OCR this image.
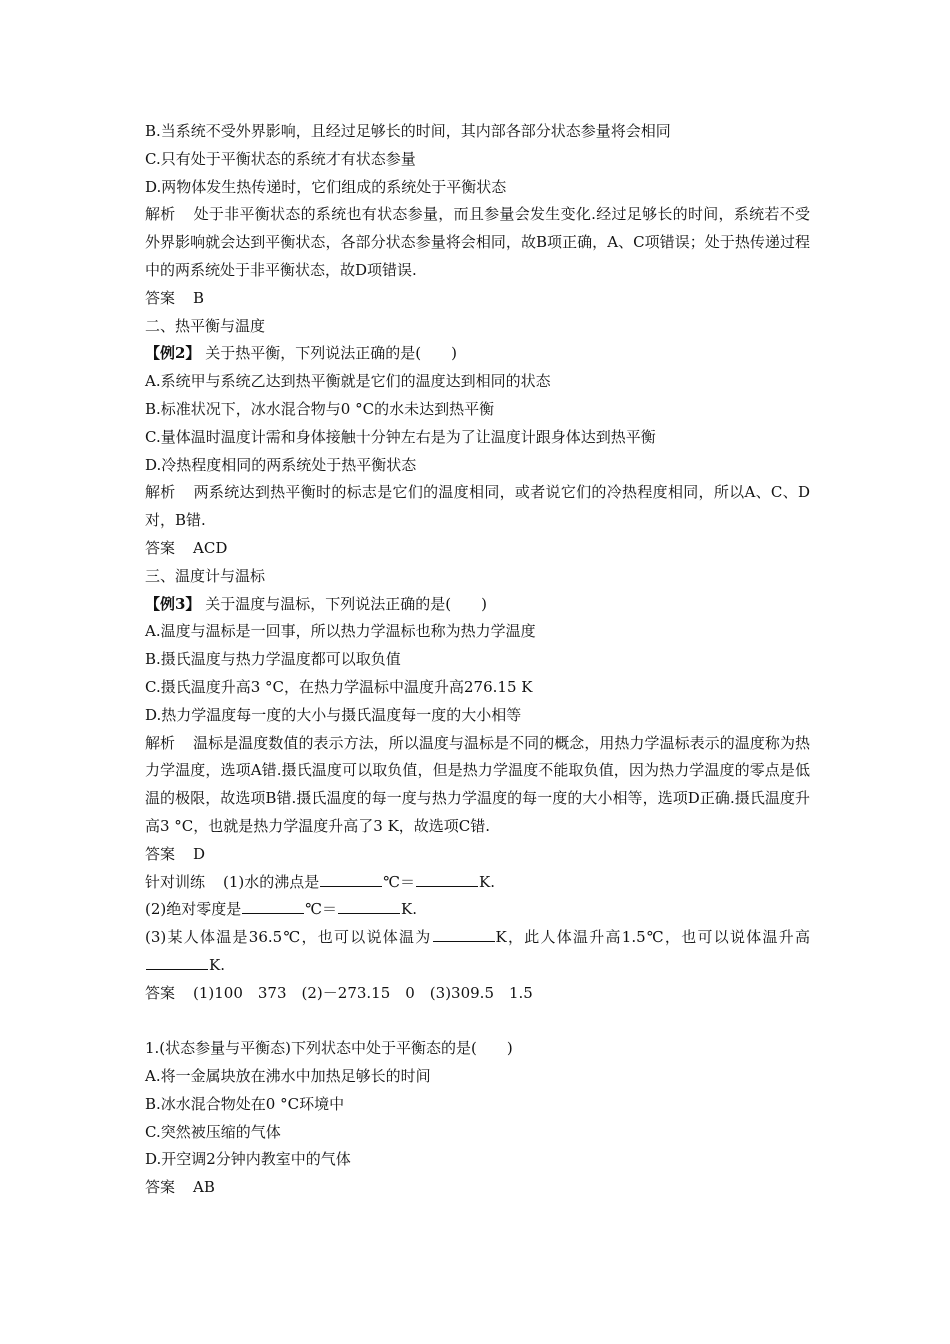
B.当系统不受外界影响，且经过足够长的时间，其内部各部分状态参量将会相同
C.只有处于平衡状态的系统才有状态参量
D.两物体发生热传递时，它们组成的系统处于平衡状态
解析 处于非平衡状态的系统也有状态参量，而且参量会发生变化.经过足够长的时间，系统若不受外界影响就会达到平衡状态，各部分状态参量将会相同，故B项正确，A、C项错误；处于热传递过程中的两系统处于非平衡状态，故D项错误.
答案 B
二、热平衡与温度
【例2】 关于热平衡，下列说法正确的是(　　)
A.系统甲与系统乙达到热平衡就是它们的温度达到相同的状态
B.标准状况下，冰水混合物与0 °C的水未达到热平衡
C.量体温时温度计需和身体接触十分钟左右是为了让温度计跟身体达到热平衡
D.冷热程度相同的两系统处于热平衡状态
解析 两系统达到热平衡时的标志是它们的温度相同，或者说它们的冷热程度相同，所以A、C、D对，B错.
答案 ACD
三、温度计与温标
【例3】 关于温度与温标，下列说法正确的是(　　)
A.温度与温标是一回事，所以热力学温标也称为热力学温度
B.摄氏温度与热力学温度都可以取负值
C.摄氏温度升高3 °C，在热力学温标中温度升高276.15 K
D.热力学温度每一度的大小与摄氏温度每一度的大小相等
解析 温标是温度数值的表示方法，所以温度与温标是不同的概念，用热力学温标表示的温度称为热力学温度，选项A错.摄氏温度可以取负值，但是热力学温度不能取负值，因为热力学温度的零点是低温的极限，故选项B错.摄氏温度的每一度与热力学温度的每一度的大小相等，选项D正确.摄氏温度升高3 °C，也就是热力学温度升高了3 K，故选项C错.
答案 D
针对训练 (1)水的沸点是	℃＝	K.
(2)绝对零度是	℃＝	K.
(3)某人体温是36.5℃，也可以说体温为	K，此人体温升高1.5℃，也可以说体温升高K.
答案 (1)100　373　(2)－273.15　0　(3)309.5　1.5
1.(状态参量与平衡态)下列状态中处于平衡态的是(　　)
A.将一金属块放在沸水中加热足够长的时间
B.冰水混合物处在0 °C环境中
C.突然被压缩的气体
D.开空调2分钟内教室中的气体
答案 AB
